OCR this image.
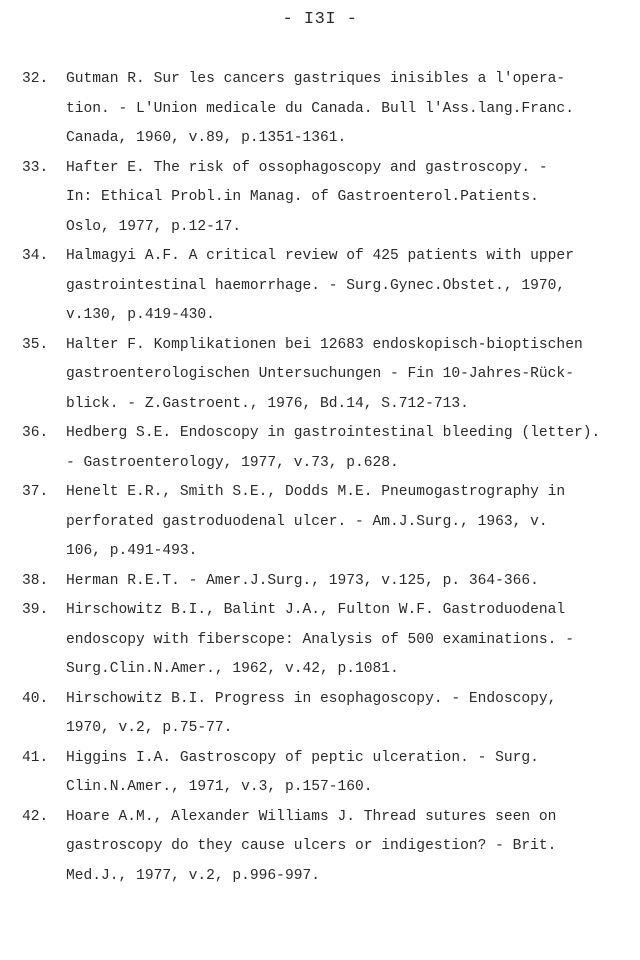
- I3I -
32.	Gutman R. Sur les cancers gastriques inisibles a l'opera-
tion. - L'Union medicale du Canada. Bull l'Ass.lang.Franc.
Canada, 1960, v.89, p.1351-1361.
33.	Hafter E. The risk of ossophagoscopy and gastroscopy. -
In: Ethical Probl.in Manag. of Gastroenterol.Patients.
Oslo, 1977, p.12-17.
34.	Halmagyi A.F. A critical review of 425 patients with upper
gastrointestinal haemorrhage. - Surg.Gynec.Obstet., 1970,
v.130, p.419-430.
35.	Halter F. Komplikationen bei 12683 endoskopisch-bioptischen
gastroenterologischen Untersuchungen - Fin 10-Jahres-Rück-
blick. - Z.Gastroent., 1976, Bd.14, S.712-713.
36.	Hedberg S.E. Endoscopy in gastrointestinal bleeding (letter).
- Gastroenterology, 1977, v.73, p.628.
37.	Henelt E.R., Smith S.E., Dodds M.E. Pneumogastrography in
perforated gastroduodenal ulcer. - Am.J.Surg., 1963, v.
106, p.491-493.
38.	Herman R.E.T. - Amer.J.Surg., 1973, v.125, p. 364-366.
39.	Hirschowitz B.I., Balint J.A., Fulton W.F. Gastroduodenal
endoscopy with fiberscope: Analysis of 500 examinations. -
Surg.Clin.N.Amer., 1962, v.42, p.1081.
40.	Hirschowitz B.I. Progress in esophagoscopy. - Endoscopy,
1970, v.2, p.75-77.
41.	Higgins I.A. Gastroscopy of peptic ulceration. - Surg.
Clin.N.Amer., 1971, v.3, p.157-160.
42.	Hoare A.M., Alexander Williams J. Thread sutures seen on
gastroscopy do they cause ulcers or indigestion? - Brit.
Med.J., 1977, v.2, p.996-997.
